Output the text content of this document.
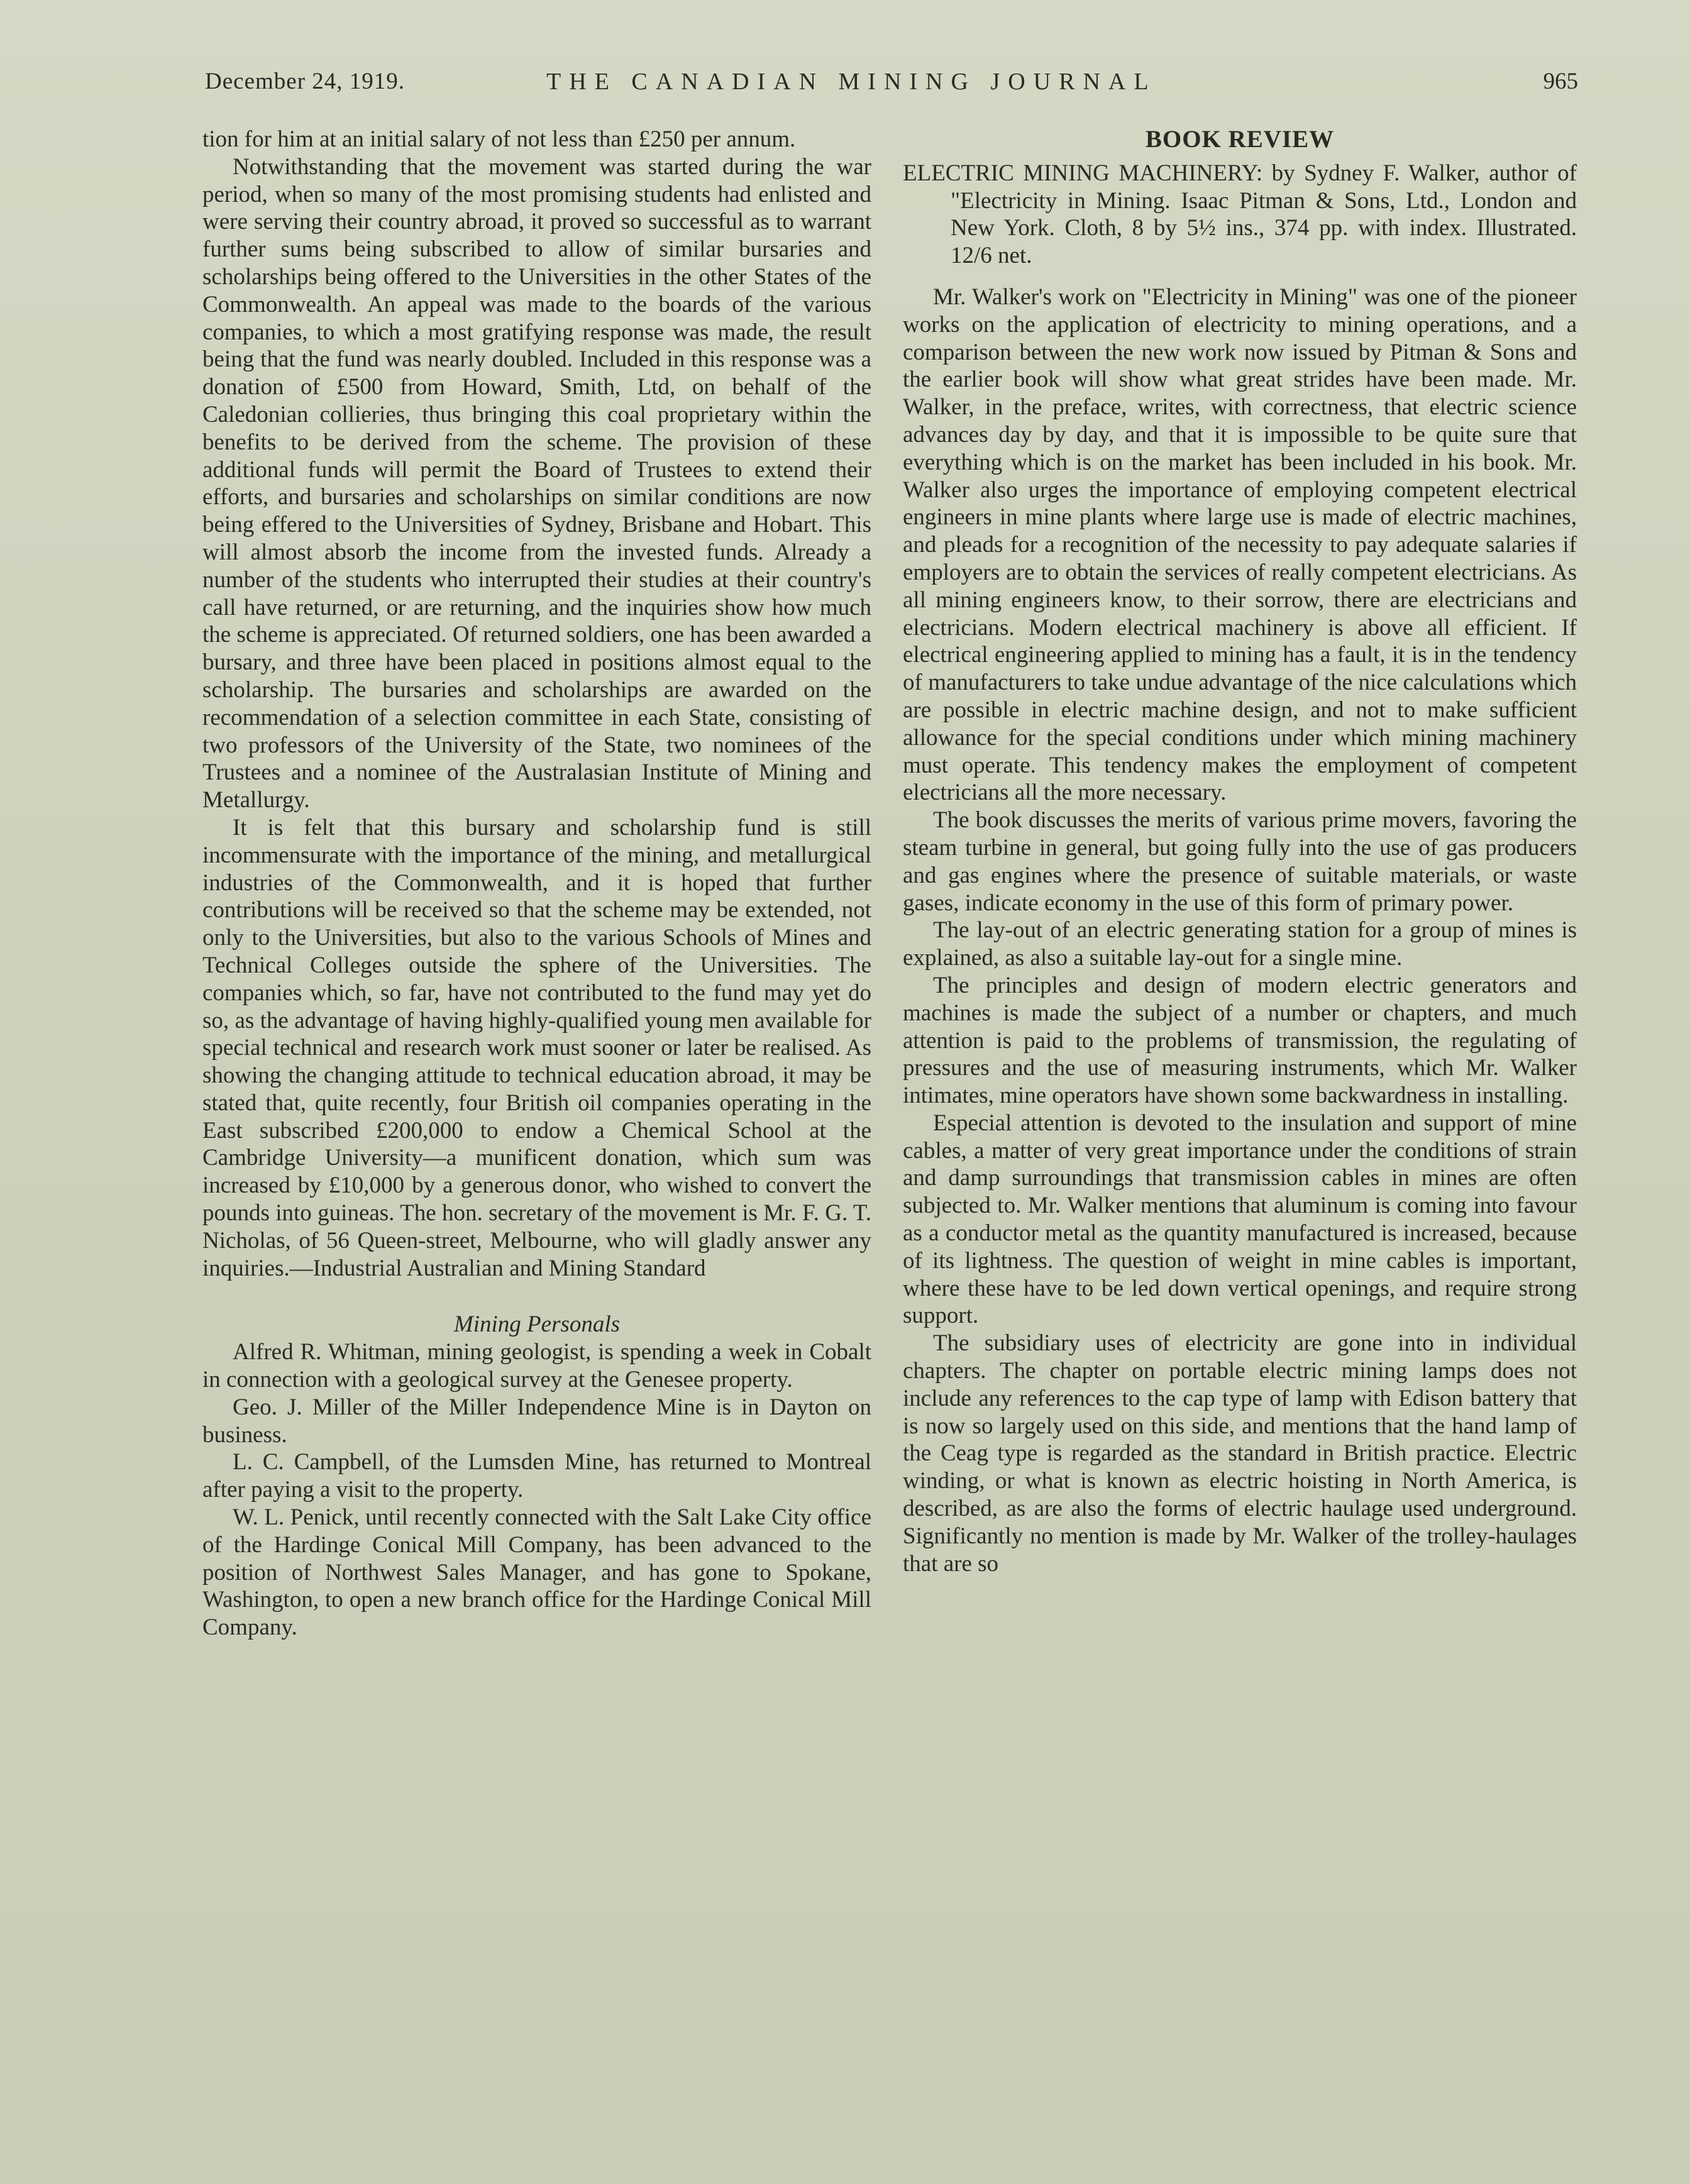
December 24, 1919.	THE CANADIAN MINING JOURNAL	965

tion for him at an initial salary of not less than £250 per annum.

Notwithstanding that the movement was started during the war period, when so many of the most promising students had enlisted and were serving their country abroad, it proved so successful as to warrant further sums being subscribed to allow of similar bursaries and scholarships being offered to the Universities in the other States of the Commonwealth. An appeal was made to the boards of the various companies, to which a most gratifying response was made, the result being that the fund was nearly doubled. Included in this response was a donation of £500 from Howard, Smith, Ltd, on behalf of the Caledonian collieries, thus bringing this coal proprietary within the benefits to be derived from the scheme. The provision of these additional funds will permit the Board of Trustees to extend their efforts, and bursaries and scholarships on similar conditions are now being effered to the Universities of Sydney, Brisbane and Hobart. This will almost absorb the income from the invested funds. Already a number of the students who interrupted their studies at their country's call have returned, or are returning, and the inquiries show how much the scheme is appreciated. Of returned soldiers, one has been awarded a bursary, and three have been placed in positions almost equal to the scholarship. The bursaries and scholarships are awarded on the recommendation of a selection committee in each State, consisting of two professors of the University of the State, two nominees of the Trustees and a nominee of the Australasian Institute of Mining and Metallurgy.

It is felt that this bursary and scholarship fund is still incommensurate with the importance of the mining, and metallurgical industries of the Commonwealth, and it is hoped that further contributions will be received so that the scheme may be extended, not only to the Universities, but also to the various Schools of Mines and Technical Colleges outside the sphere of the Universities. The companies which, so far, have not contributed to the fund may yet do so, as the advantage of having highly-qualified young men available for special technical and research work must sooner or later be realised. As showing the changing attitude to technical education abroad, it may be stated that, quite recently, four British oil companies operating in the East subscribed £200,000 to endow a Chemical School at the Cambridge University—a munificent donation, which sum was increased by £10,000 by a generous donor, who wished to convert the pounds into guineas. The hon. secretary of the movement is Mr. F. G. T. Nicholas, of 56 Queen-street, Melbourne, who will gladly answer any inquiries.—Industrial Australian and Mining Standard

Mining Personals

Alfred R. Whitman, mining geologist, is spending a week in Cobalt in connection with a geological survey at the Genesee property.

Geo. J. Miller of the Miller Independence Mine is in Dayton on business.

L. C. Campbell, of the Lumsden Mine, has returned to Montreal after paying a visit to the property.

W. L. Penick, until recently connected with the Salt Lake City office of the Hardinge Conical Mill Company, has been advanced to the position of Northwest Sales Manager, and has gone to Spokane, Washington, to open a new branch office for the Hardinge Conical Mill Company.

BOOK REVIEW

ELECTRIC MINING MACHINERY: by Sydney F. Walker, author of "Electricity in Mining. Isaac Pitman & Sons, Ltd., London and New York. Cloth, 8 by 5½ ins., 374 pp. with index. Illustrated. 12/6 net.

Mr. Walker's work on "Electricity in Mining" was one of the pioneer works on the application of electricity to mining operations, and a comparison between the new work now issued by Pitman & Sons and the earlier book will show what great strides have been made. Mr. Walker, in the preface, writes, with correctness, that electric science advances day by day, and that it is impossible to be quite sure that everything which is on the market has been included in his book. Mr. Walker also urges the importance of employing competent electrical engineers in mine plants where large use is made of electric machines, and pleads for a recognition of the necessity to pay adequate salaries if employers are to obtain the services of really competent electricians. As all mining engineers know, to their sorrow, there are electricians and electricians. Modern electrical machinery is above all efficient. If electrical engineering applied to mining has a fault, it is in the tendency of manufacturers to take undue advantage of the nice calculations which are possible in electric machine design, and not to make sufficient allowance for the special conditions under which mining machinery must operate. This tendency makes the employment of competent electricians all the more necessary.

The book discusses the merits of various prime movers, favoring the steam turbine in general, but going fully into the use of gas producers and gas engines where the presence of suitable materials, or waste gases, indicate economy in the use of this form of primary power.

The lay-out of an electric generating station for a group of mines is explained, as also a suitable lay-out for a single mine.

The principles and design of modern electric generators and machines is made the subject of a number or chapters, and much attention is paid to the problems of transmission, the regulating of pressures and the use of measuring instruments, which Mr. Walker intimates, mine operators have shown some backwardness in installing.

Especial attention is devoted to the insulation and support of mine cables, a matter of very great importance under the conditions of strain and damp surroundings that transmission cables in mines are often subjected to. Mr. Walker mentions that aluminum is coming into favour as a conductor metal as the quantity manufactured is increased, because of its lightness. The question of weight in mine cables is important, where these have to be led down vertical openings, and require strong support.

The subsidiary uses of electricity are gone into in individual chapters. The chapter on portable electric mining lamps does not include any references to the cap type of lamp with Edison battery that is now so largely used on this side, and mentions that the hand lamp of the Ceag type is regarded as the standard in British practice. Electric winding, or what is known as electric hoisting in North America, is described, as are also the forms of electric haulage used underground. Significantly no mention is made by Mr. Walker of the trolley-haulages that are so
